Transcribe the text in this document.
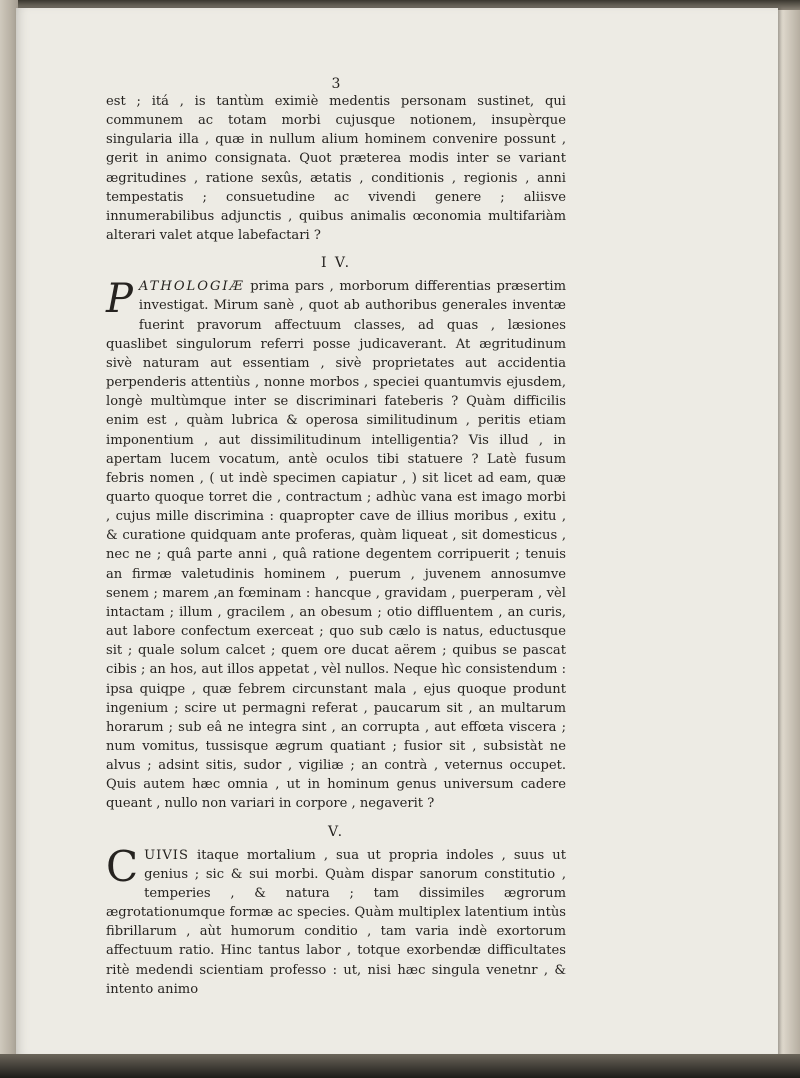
3

est ; itá , is tantùm eximiè medentis personam sustinet, qui communem ac totam morbi cujusque notionem, insupèrque singularia illa , quæ in nullum alium hominem convenire possunt , gerit in animo consignata. Quot præterea modis inter se variant ægritudines , ratione sexûs, ætatis , conditionis , regionis , anni tempestatis ; consuetudine ac vivendi genere ; aliisve innumerabilibus adjunctis , quibus animalis œconomia multifariàm alterari valet atque labefactari ?

I V.

PATHOLOGIÆ prima pars , morborum differentias præsertim investigat. Mirum sanè , quot ab authoribus generales inventæ fuerint pravorum affectuum classes, ad quas , læsiones quaslibet singulorum referri posse judicaverant. At ægritudinum sivè naturam aut essentiam , sivè proprietates aut accidentia perpenderis attentiùs , nonne morbos , speciei quantumvis ejusdem, longè multùmque inter se discriminari fateberis ? Quàm difficilis enim est , quàm lubrica & operosa similitudinum , peritis etiam imponentium , aut dissimilitudinum intelligentia? Vis illud , in apertam lucem vocatum, antè oculos tibi statuere ? Latè fusum febris nomen , ( ut indè specimen capiatur , ) sit licet ad eam, quæ quarto quoque torret die , contractum ; adhùc vana est imago morbi , cujus mille discrimina : quapropter cave de illius moribus , exitu , & curatione quidquam ante proferas, quàm liqueat , sit domesticus , nec ne ; quâ parte anni , quâ ratione degentem corripuerit ; tenuis an firmæ valetudinis hominem , puerum , juvenem annosumve senem ; marem ,an fœminam : hancque , gravidam , puerperam , vèl intactam ; illum , gracilem , an obesum ; otio diffluentem , an curis, aut labore confectum exerceat ; quo sub cælo is natus, eductusque sit ; quale solum calcet ; quem ore ducat aërem ; quibus se pascat cibis ; an hos, aut illos appetat , vèl nullos. Neque hìc consistendum : ipsa quiqpe , quæ febrem circunstant mala , ejus quoque produnt ingenium ; scire ut permagni referat , paucarum sit , an multarum horarum ; sub eâ ne integra sint , an corrupta , aut effœta viscera ; num vomitus, tussisque ægrum quatiant ; fusior sit , subsistàt ne alvus ; adsint sitis, sudor , vigiliæ ; an contrà , veternus occupet. Quis autem hæc omnia , ut in hominum genus universum cadere queant , nullo non variari in corpore , negaverit ?

V.

CUIVIS itaque mortalium , sua ut propria indoles , suus ut genius ; sic & sui morbi. Quàm dispar sanorum constitutio , temperies , & natura ; tam dissimiles ægrorum ægrotationumque formæ ac species. Quàm multiplex latentium intùs fibrillarum , aùt humorum conditio , tam varia indè exortorum affectuum ratio. Hinc tantus labor , totque exorbendæ difficultates ritè medendi scientiam professo : ut, nisi hæc singula venetnr , & intento animo
